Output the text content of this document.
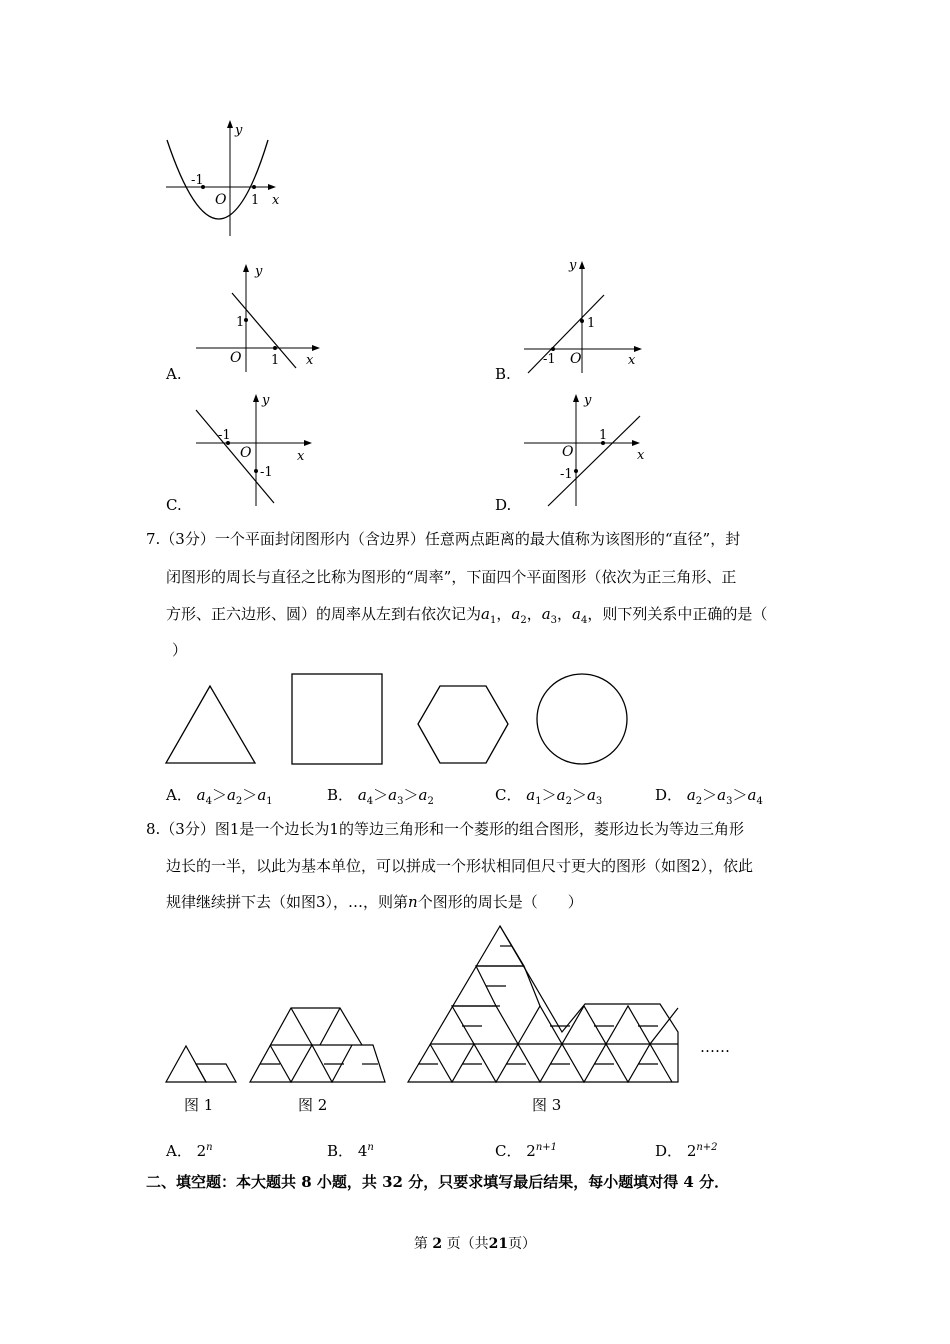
y
x
O
-1
1
A.
y
x
O
1
1
B.
y
x
O
-1
1
C.
y
x
O
-1
-1
D.
y
x
O
1
-1
7.（3分）一个平面封闭图形内（含边界）任意两点距离的最大值称为该图形的“直径”，封
闭图形的周长与直径之比称为图形的“周率”，下面四个平面图形（依次为正三角形、正
方形、正六边形、圆）的周率从左到右依次记为$a_1$，$a_2$，$a_3$，$a_4$，则下列关系中正确的是（
）
A． $a_4>a_2>a_1$	B． $a_4>a_3>a_2$	C． $a_1>a_2>a_3$	D． $a_2>a_3>a_4$
8.（3分）图1是一个边长为1的等边三角形和一个菱形的组合图形，菱形边长为等边三角形
边长的一半，以此为基本单位，可以拼成一个形状相同但尺寸更大的图形（如图2），依此
规律继续拼下去（如图3），…，则第n个图形的周长是（　　）
图 1	图 2	图 3
……
A． 2$^n$	B． 4$^n$	C． $2^{n+1}$	D． $2^{n+2}$
二、填空题：本大题共 8 小题，共 32 分，只要求填写最后结果，每小题填对得 4 分．
第 2 页（共21页）
